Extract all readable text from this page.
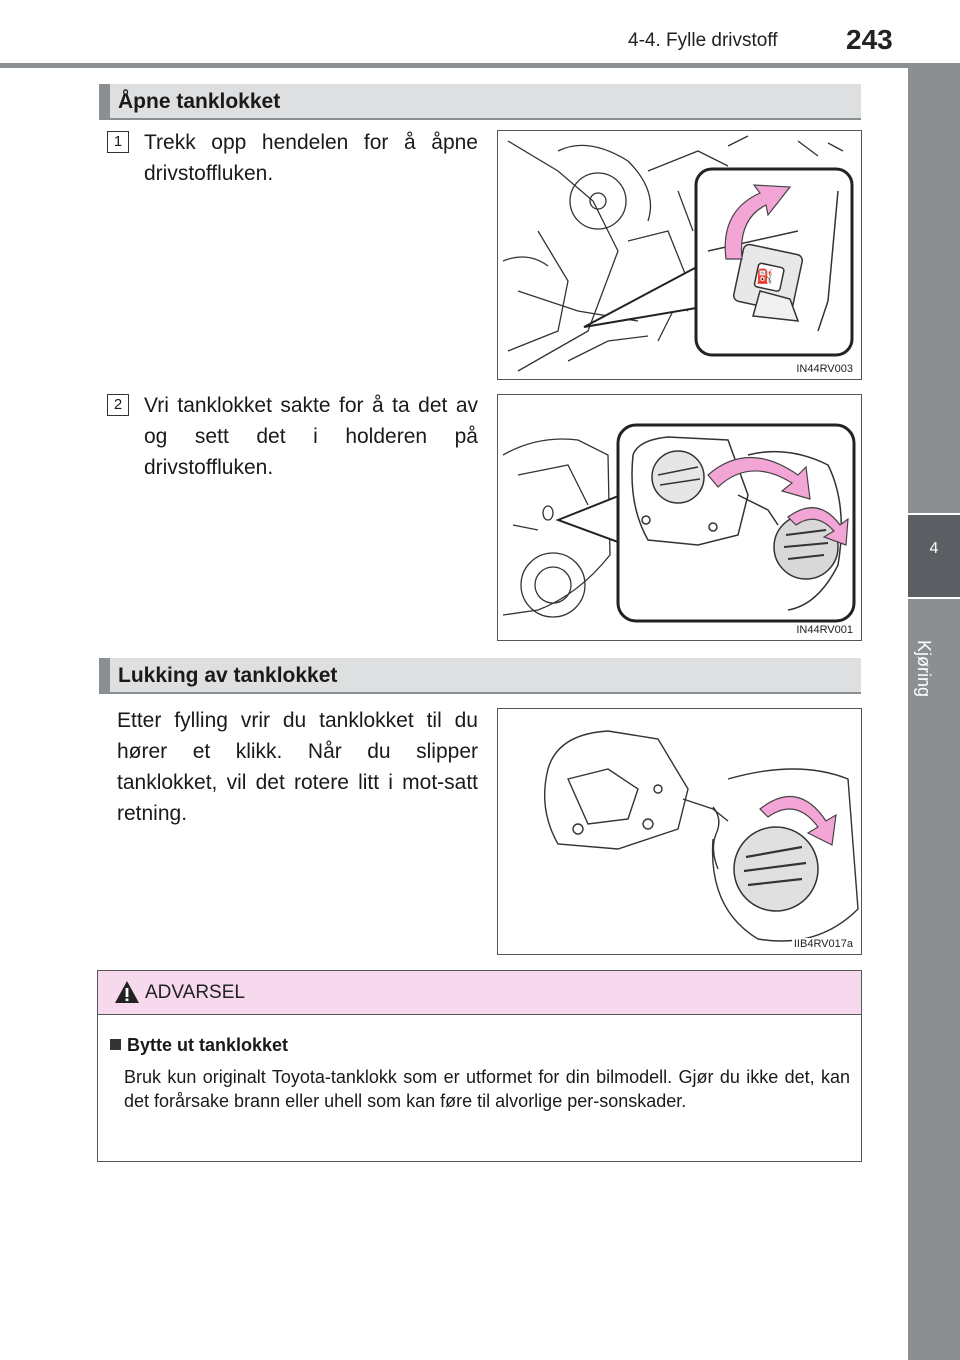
4-4. Fylle drivstoff 243
4
Kjøring
Åpne tanklokket
1	Trekk opp hendelen for å åpne drivstoffluken.
⛽
IN44RV003
2	Vri tanklokket sakte for å ta det av og sett det i holderen på drivstoffluken.
IN44RV001
Lukking av tanklokket
Etter fylling vrir du tanklokket til du hører et klikk. Når du slipper tanklokket, vil det rotere litt i mot-satt retning.
IIB4RV017a
ADVARSEL
Bytte ut tanklokket
Bruk kun originalt Toyota-tanklokk som er utformet for din bilmodell. Gjør du ikke det, kan det forårsake brann eller uhell som kan føre til alvorlige per-sonskader.
